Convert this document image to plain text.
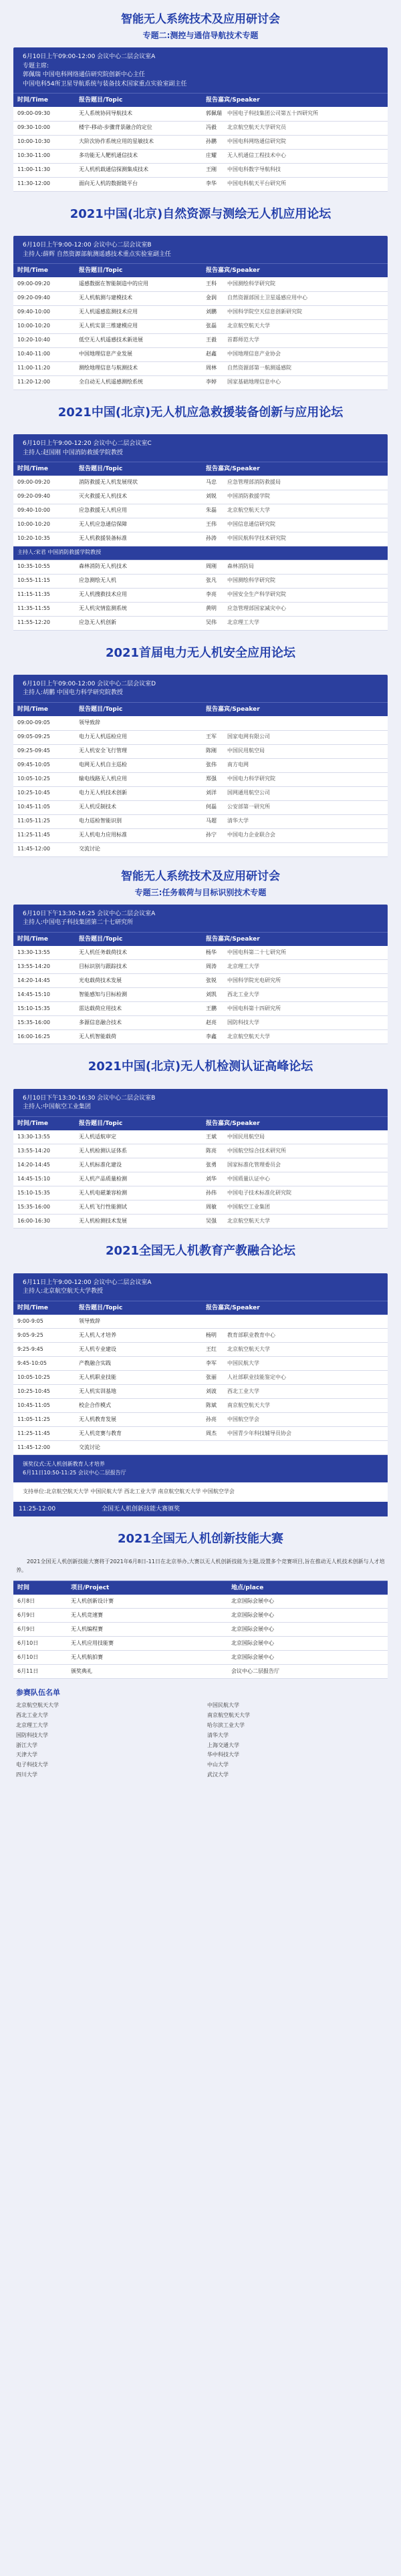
智能无人系统技术及应用研讨会
专题二:测控与通信导航技术专题
6月10日上午09:00-12:00 会议中心二层会议室A
专题主席:
郭佩瑞 中国电科网络通信研究院创新中心主任
中国电科54所卫星导航系统与装备技术国家重点实验室副主任
时间/Time	报告题目/Topic	报告嘉宾/Speaker
09:00-09:30	无人系统协同导航技术	郭佩瑞 中国电子科技集团公司第五十四研究所

09:30-10:00	楼宇-移动-步骤背景融合的定位	冯毅 北京航空航天大学研究员

10:00-10:30	大阶次协作系统应用的星敏技术	孙鹏 中国电科网络通信研究院

10:30-11:00	多功能无人靶机通信技术	庄耀 无人机通信工程技术中心

11:00-11:30	无人机机载通信探测集成技术	王刚 中国电科数字导航科技

11:30-12:00	面向无人机的数据链平台	李华 中国电科航天平台研究所
2021中国(北京)自然资源与测绘无人机应用论坛
6月10日上午9:00-12:00 会议中心二层会议室B
主持人:薛辉 自然资源部航测遥感技术重点实验室副主任
时间/Time	报告题目/Topic	报告嘉宾/Speaker
09:00-09:20	遥感数据在智能制造中的应用	王科 中国测绘科学研究院

09:20-09:40	无人机航测与建模技术	金润 自然资源部国土卫星遥感应用中心

09:40-10:00	无人机遥感监测技术应用	刘鹏 中国科学院空天信息创新研究院

10:00-10:20	无人机实景三维建模应用	张磊 北京航空航天大学

10:20-10:40	低空无人机遥感技术新进展	王毅 首都师范大学

10:40-11:00	中国地理信息产业发展	赵鑫 中国地理信息产业协会

11:00-11:20	测绘地理信息与航测技术	周林 自然资源部第一航测遥感院

11:20-12:00	全自动无人机遥感测绘系统	李婷 国家基础地理信息中心
2021中国(北京)无人机应急救援装备创新与应用论坛
6月10日上午9:00-12:20 会议中心二层会议室C
主持人:赵国刚 中国消防救援学院教授
时间/Time	报告题目/Topic	报告嘉宾/Speaker
09:00-09:20	消防救援无人机发展现状	马忠 应急管理部消防救援局

09:20-09:40	灭火救援无人机技术	刘锐 中国消防救援学院

09:40-10:00	应急救援无人机应用	朱磊 北京航空航天大学

10:00-10:20	无人机应急通信保障	王伟 中国信息通信研究院

10:20-10:35	无人机救援装备标准	孙涛 中国民航科学技术研究院

主持人:宋君 中国消防救援学院教授		
10:35-10:55	森林消防无人机技术	周刚 森林消防局

10:55-11:15	应急测绘无人机	张凡 中国测绘科学研究院

11:15-11:35	无人机搜救技术应用	李亮 中国安全生产科学研究院

11:35-11:55	无人机灾情监测系统	黄明 应急管理部国家减灾中心

11:55-12:20	应急无人机创新	吴伟 北京理工大学
2021首届电力无人机安全应用论坛
6月10日上午09:00-12:00 会议中心二层会议室D
主持人:胡鹏 中国电力科学研究院教授
时间/Time	报告题目/Topic	报告嘉宾/Speaker
09:00-09:05	领导致辞	

09:05-09:25	电力无人机巡检应用	王军 国家电网有限公司

09:25-09:45	无人机安全飞行管理	陈刚 中国民用航空局

09:45-10:05	电网无人机自主巡检	张伟 南方电网

10:05-10:25	输电线路无人机应用	郑强 中国电力科学研究院

10:25-10:45	电力无人机技术创新	刘洋 国网通用航空公司

10:45-11:05	无人机反制技术	何磊 公安部第一研究所

11:05-11:25	电力巡检智能识别	马超 清华大学

11:25-11:45	无人机电力应用标准	孙宁 中国电力企业联合会

11:45-12:00	交流讨论	
智能无人系统技术及应用研讨会
专题三:任务载荷与目标识别技术专题
6月10日下午13:30-16:25 会议中心二层会议室A
主持人:中国电子科技集团第二十七研究所
时间/Time	报告题目/Topic	报告嘉宾/Speaker
13:30-13:55	无人机任务载荷技术	杨华 中国电科第二十七研究所

13:55-14:20	目标识别与跟踪技术	周涛 北京理工大学

14:20-14:45	光电载荷技术发展	张锐 中国科学院光电研究所

14:45-15:10	智能感知与目标检测	刘凯 西北工业大学

15:10-15:35	雷达载荷应用技术	王鹏 中国电科第十四研究所

15:35-16:00	多源信息融合技术	赵亮 国防科技大学

16:00-16:25	无人机智能载荷	李鑫 北京航空航天大学
2021中国(北京)无人机检测认证高峰论坛
6月10日下午13:30-16:30 会议中心二层会议室B
主持人:中国航空工业集团
时间/Time	报告题目/Topic	报告嘉宾/Speaker
13:30-13:55	无人机适航审定	王斌 中国民用航空局

13:55-14:20	无人机检测认证体系	陈亮 中国航空综合技术研究所

14:20-14:45	无人机标准化建设	张勇 国家标准化管理委员会

14:45-15:10	无人机产品质量检测	刘华 中国质量认证中心

15:10-15:35	无人机电磁兼容检测	孙伟 中国电子技术标准化研究院

15:35-16:00	无人机飞行性能测试	周敏 中国航空工业集团

16:00-16:30	无人机检测技术发展	吴强 北京航空航天大学
2021全国无人机教育产教融合论坛
6月11日上午9:00-12:00 会议中心二层会议室A
主持人:北京航空航天大学教授
时间/Time	报告题目/Topic	报告嘉宾/Speaker
9:00-9:05	领导致辞	

9:05-9:25	无人机人才培养	杨明 教育部职业教育中心

9:25-9:45	无人机专业建设	王红 北京航空航天大学

9:45-10:05	产教融合实践	李军 中国民航大学

10:05-10:25	无人机职业技能	张丽 人社部职业技能鉴定中心

10:25-10:45	无人机实训基地	刘波 西北工业大学

10:45-11:05	校企合作模式	陈斌 南京航空航天大学

11:05-11:25	无人机教育发展	孙亮 中国航空学会

11:25-11:45	无人机竞赛与教育	周杰 中国青少年科技辅导员协会

11:45-12:00	交流讨论	
颁奖仪式:无人机创新教育人才培养
6月11日10:50-11:25 会议中心二层报告厅
支持单位:北京航空航天大学 中国民航大学 西北工业大学 南京航空航天大学 中国航空学会
11:25-12:00	全国无人机创新技能大赛颁奖
2021全国无人机创新技能大赛
2021全国无人机创新技能大赛将于2021年6月8日-11日在北京举办,大赛以无人机创新技能为主题,设置多个竞赛项目,旨在推动无人机技术创新与人才培养。
时间	项目/Project	地点/place
6月8日	无人机创新设计赛	北京国际会展中心
6月9日	无人机竞速赛	北京国际会展中心
6月9日	无人机编程赛	北京国际会展中心
6月10日	无人机应用技能赛	北京国际会展中心
6月10日	无人机航拍赛	北京国际会展中心
6月11日	颁奖典礼	会议中心二层报告厅
参赛队伍名单
北京航空航天大学	中国民航大学
西北工业大学	南京航空航天大学
北京理工大学	哈尔滨工业大学
国防科技大学	清华大学
浙江大学	上海交通大学
天津大学	华中科技大学
电子科技大学	中山大学
四川大学	武汉大学
